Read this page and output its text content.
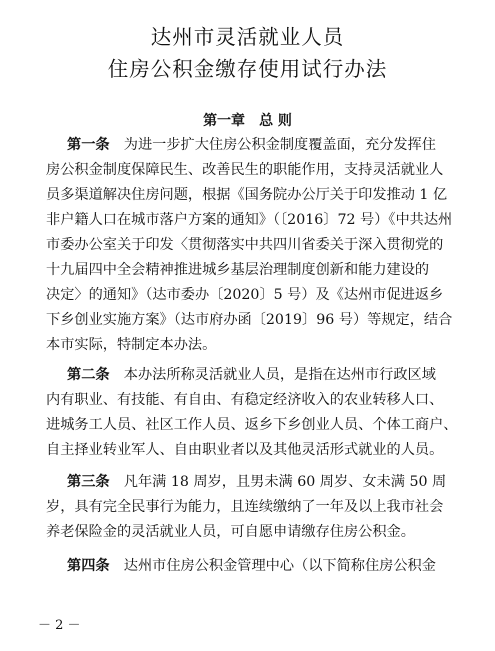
达州市灵活就业人员
住房公积金缴存使用试行办法
第一章 总 则
第一条　 为进一步扩大住房公积金制度覆盖面，充分发挥住
房公积金制度保障民生、改善民生的职能作用，支持灵活就业人
员多渠道解决住房问题，根据《国务院办公厅关于印发推动 1 亿
非户籍人口在城市落户方案的通知》（〔2016〕72 号）《中共达州
市委办公室关于印发〈贯彻落实中共四川省委关于深入贯彻党的
十九届四中全会精神推进城乡基层治理制度创新和能力建设的
决定〉的通知》（达市委办〔2020〕5 号）及《达州市促进返乡
下乡创业实施方案》（达市府办函〔2019〕96 号）等规定，结合
本市实际，特制定本办法。
第二条　 本办法所称灵活就业人员，是指在达州市行政区域
内有职业、有技能、有自由、有稳定经济收入的农业转移人口、
进城务工人员、社区工作人员、返乡下乡创业人员、个体工商户、
自主择业转业军人、自由职业者以及其他灵活形式就业的人员。
第三条　 凡年满 18 周岁，且男未满 60 周岁、女未满 50 周
岁，具有完全民事行为能力，且连续缴纳了一年及以上我市社会
养老保险金的灵活就业人员，可自愿申请缴存住房公积金。
第四条　 达州市住房公积金管理中心（以下简称住房公积金
－ 2 －
